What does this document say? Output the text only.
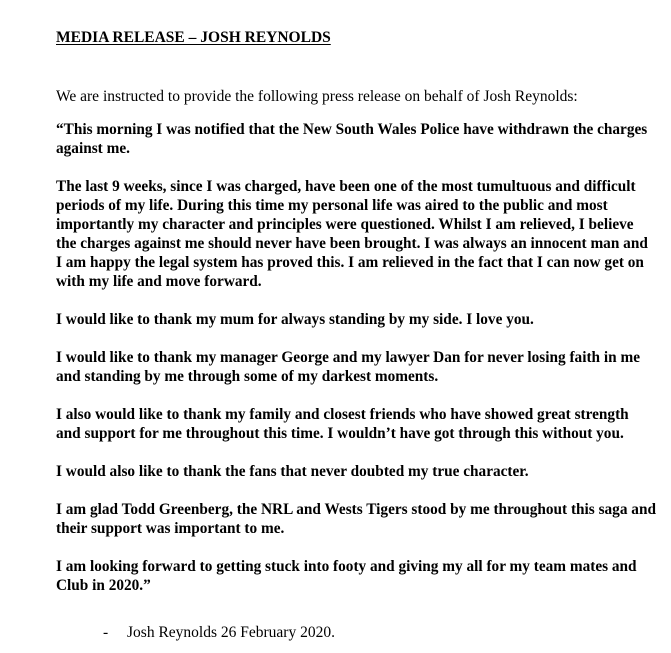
MEDIA RELEASE – JOSH REYNOLDS
We are instructed to provide the following press release on behalf of Josh Reynolds:

“This morning I was notified that the New South Wales Police have withdrawn the charges against me.

The last 9 weeks, since I was charged, have been one of the most tumultuous and difficult periods of my life. During this time my personal life was aired to the public and most importantly my character and principles were questioned. Whilst I am relieved, I believe the charges against me should never have been brought. I was always an innocent man and I am happy the legal system has proved this. I am relieved in the fact that I can now get on with my life and move forward.

I would like to thank my mum for always standing by my side. I love you.

I would like to thank my manager George and my lawyer Dan for never losing faith in me and standing by me through some of my darkest moments.

I also would like to thank my family and closest friends who have showed great strength and support for me throughout this time. I wouldn’t have got through this without you.

I would also like to thank the fans that never doubted my true character.

I am glad Todd Greenberg, the NRL and Wests Tigers stood by me throughout this saga and their support was important to me.

I am looking forward to getting stuck into footy and giving my all for my team mates and Club in 2020.”

- Josh Reynolds 26 February 2020.
